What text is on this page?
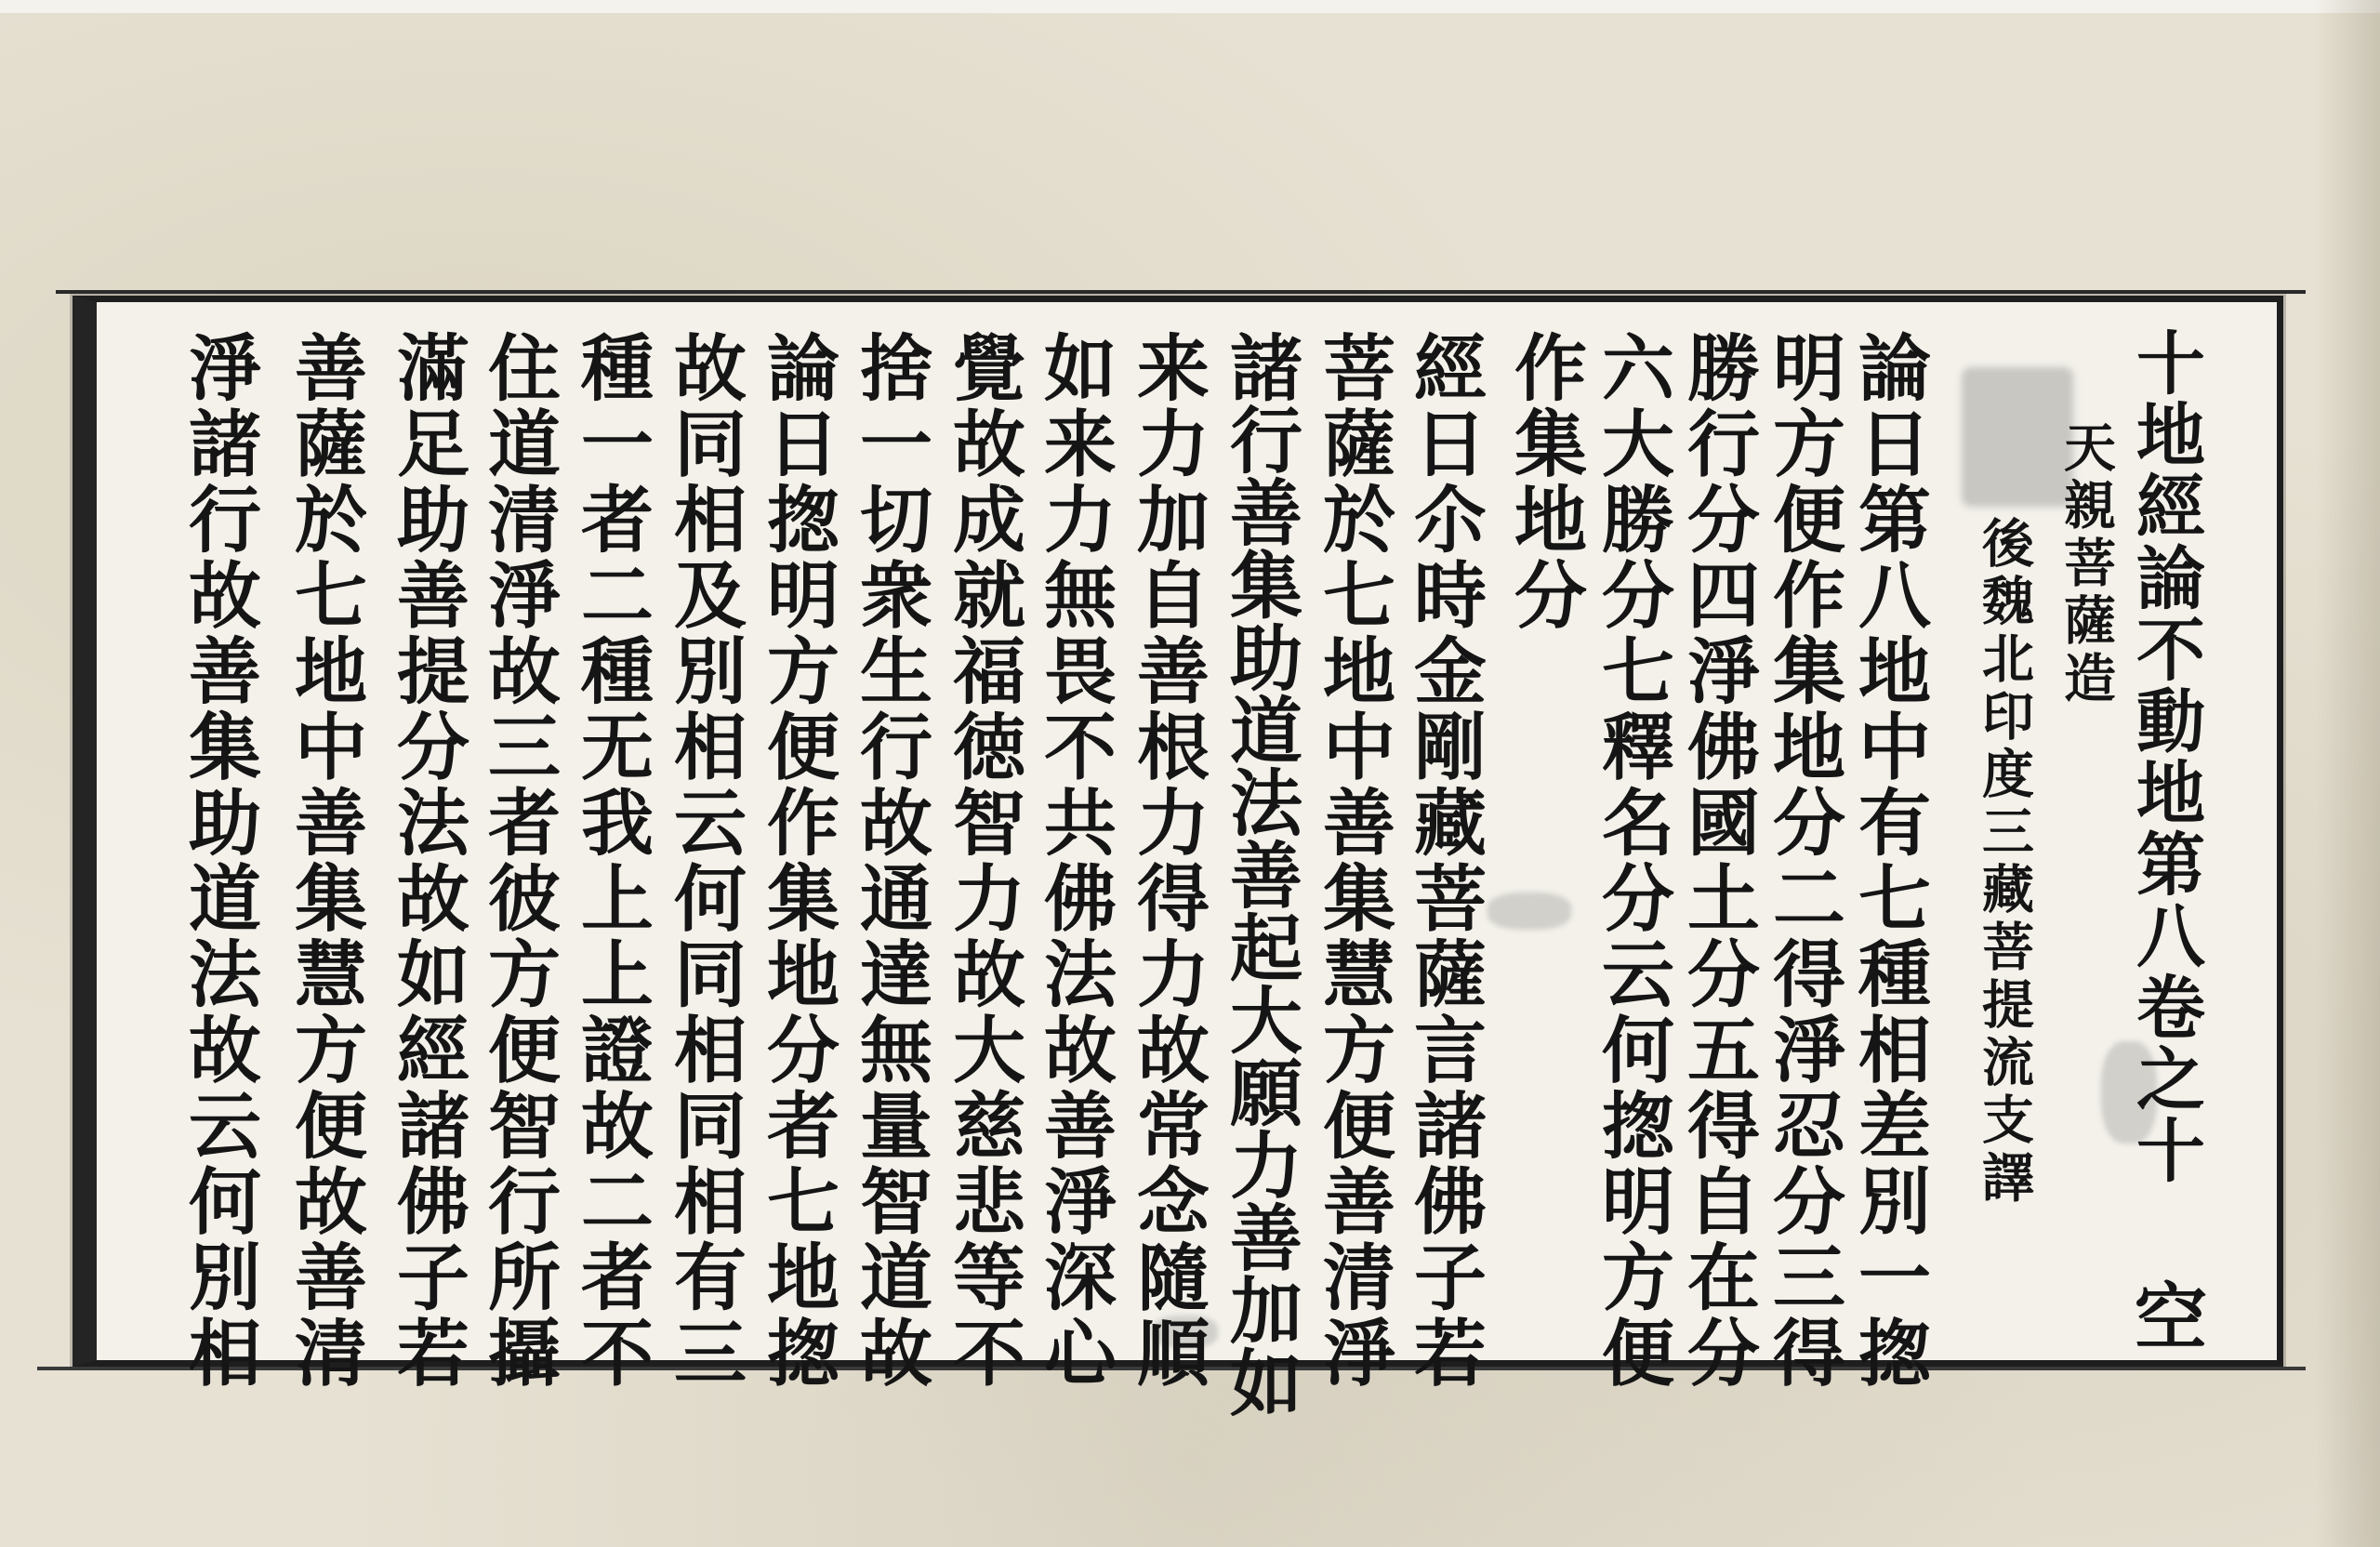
十地經論不動地第八卷之十
天親菩薩造
後魏北印度三藏菩提流支譯
論日第八地中有七種相差別一揔
明方便作集地分二得淨忍分三得
勝行分四淨佛國土分五得自在分
六大勝分七釋名分云何揔明方便
作集地分
經日尒時金剛藏菩薩言諸佛子若
菩薩於七地中善集慧方便善清淨
諸行善集助道法善起大願力善加如
来力加自善根力得力故常念隨順
如来力無畏不共佛法故善淨深心
覺故成就福徳智力故大慈悲等不
捨一切衆生行故通達無量智道故
論日揔明方便作集地分者七地揔
故同相及別相云何同相同相有三
種一者二種无我上上證故二者不
住道清淨故三者彼方便智行所攝
滿足助善提分法故如經諸佛子若
善薩於七地中善集慧方便故善清
淨諸行故善集助道法故云何別相	空
